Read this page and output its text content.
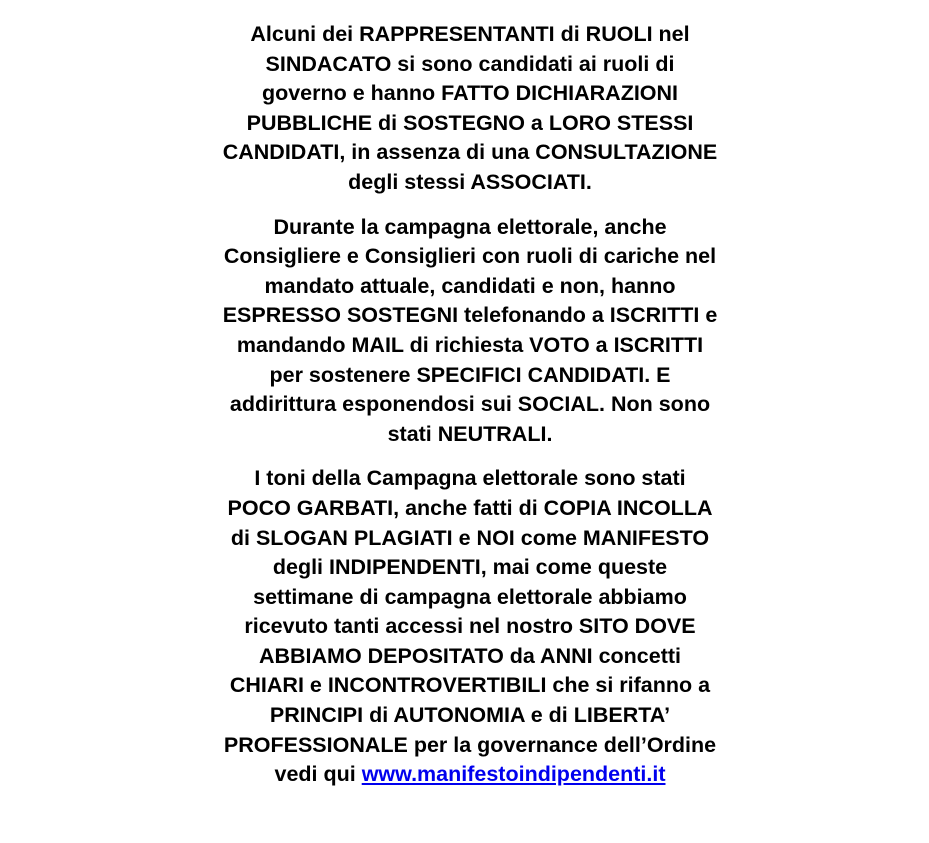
Alcuni dei RAPPRESENTANTI di RUOLI nel
SINDACATO si sono candidati ai ruoli di
governo e hanno FATTO DICHIARAZIONI
PUBBLICHE di SOSTEGNO a LORO STESSI
CANDIDATI, in assenza di una CONSULTAZIONE
degli stessi ASSOCIATI.

Durante la campagna elettorale, anche
Consigliere e Consiglieri con ruoli di cariche nel
mandato attuale, candidati e non, hanno
ESPRESSO SOSTEGNI telefonando a ISCRITTI e
mandando MAIL di richiesta VOTO a ISCRITTI
per sostenere SPECIFICI CANDIDATI. E
addirittura esponendosi sui SOCIAL. Non sono
stati NEUTRALI.

I toni della Campagna elettorale sono stati
POCO GARBATI, anche fatti di COPIA INCOLLA
di SLOGAN PLAGIATI e NOI come MANIFESTO
degli INDIPENDENTI, mai come queste
settimane di campagna elettorale abbiamo
ricevuto tanti accessi nel nostro SITO DOVE
ABBIAMO DEPOSITATO da ANNI concetti
CHIARI e INCONTROVERTIBILI che si rifanno a
PRINCIPI di AUTONOMIA e di LIBERTA’
PROFESSIONALE per la governance dell’Ordine
vedi qui www.manifestoindipendenti.it
